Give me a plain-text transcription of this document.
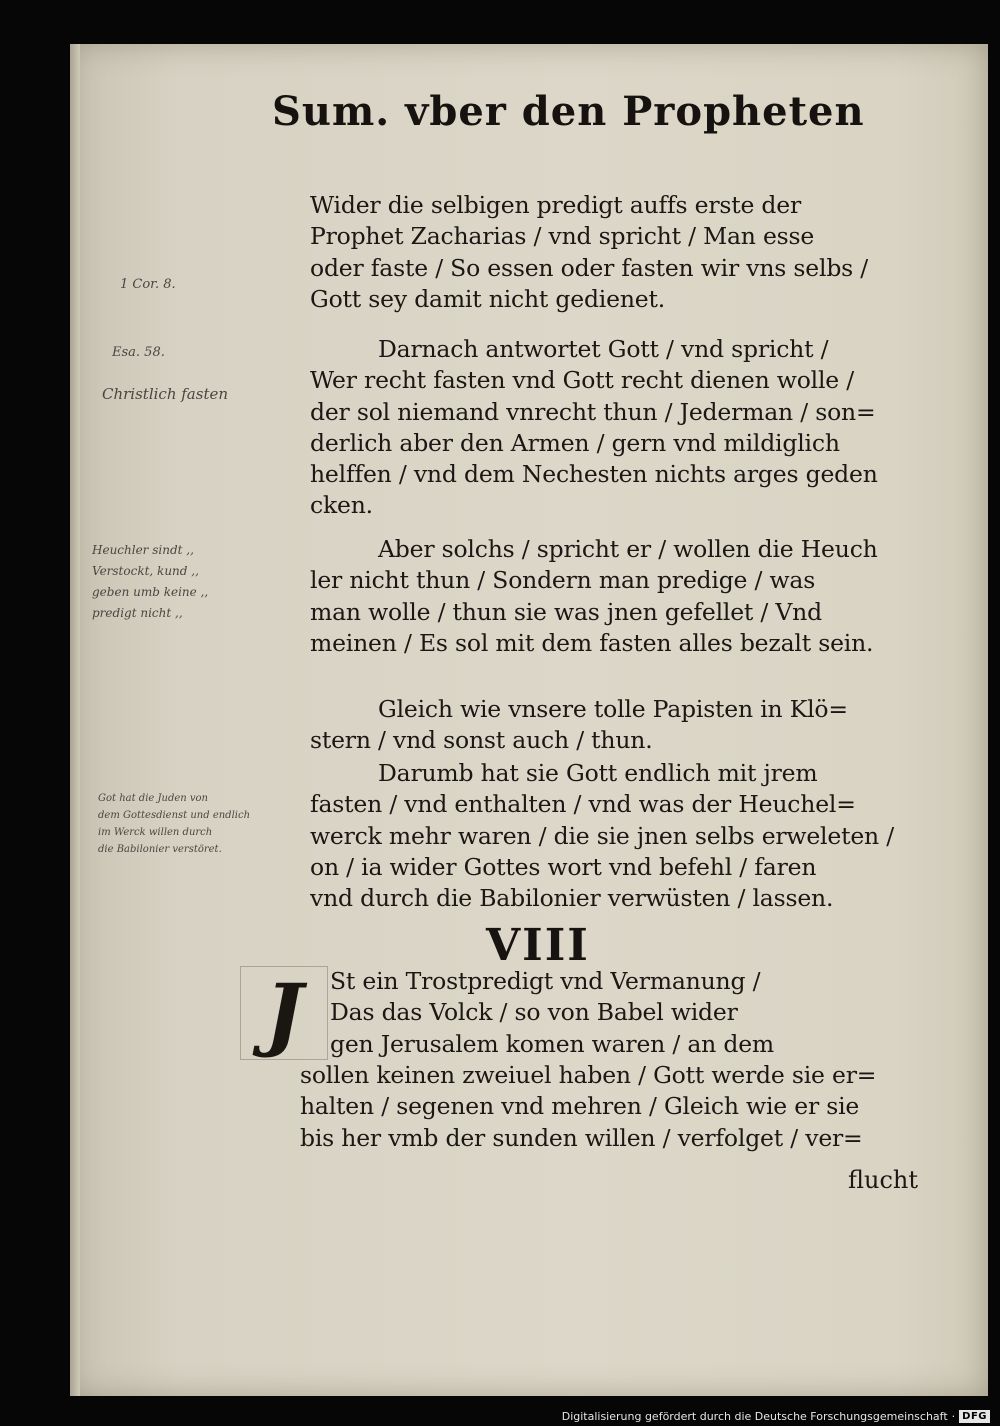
Sum. vber den Propheten
Wider die selbigen predigt auffs erste der
Prophet Zacharias / vnd spricht / Man esse
oder faste / So essen oder fasten wir vns selbs /
Gott sey damit nicht gedienet.
Darnach antwortet Gott / vnd spricht /
Wer recht fasten vnd Gott recht dienen wolle /
der sol niemand vnrecht thun / Jederman / son=
derlich aber den Armen / gern vnd mildiglich
helffen / vnd dem Nechesten nichts arges geden
cken.
Aber solchs / spricht er / wollen die Heuch
ler nicht thun / Sondern man predige / was
man wolle / thun sie was jnen gefellet / Vnd
meinen / Es sol mit dem fasten alles bezalt sein.
Gleich wie vnsere tolle Papisten in Klö=
stern / vnd sonst auch / thun.
Darumb hat sie Gott endlich mit jrem
fasten / vnd enthalten / vnd was der Heuchel=
werck mehr waren / die sie jnen selbs erweleten /
on / ia wider Gottes wort vnd befehl / faren
vnd durch die Babilonier verwüsten / lassen.
VIII
J	St ein Trostpredigt vnd Vermanung /
Das das Volck / so von Babel wider
gen Jerusalem komen waren / an dem
sollen keinen zweiuel haben / Gott werde sie er=
halten / segenen vnd mehren / Gleich wie er sie
bis her vmb der sunden willen / verfolget / ver=
flucht
1 Cor. 8.
Esa. 58.
Christlich fasten
Heuchler sindt ,,
Verstockt, kund ,,
geben umb keine ,,
predigt nicht ,,
Got hat die Juden von
dem Gottesdienst und endlich
im Werck willen durch
die Babilonier verstöret.
Digitalisierung gefördert durch die Deutsche Forschungsgemeinschaft · DFG
